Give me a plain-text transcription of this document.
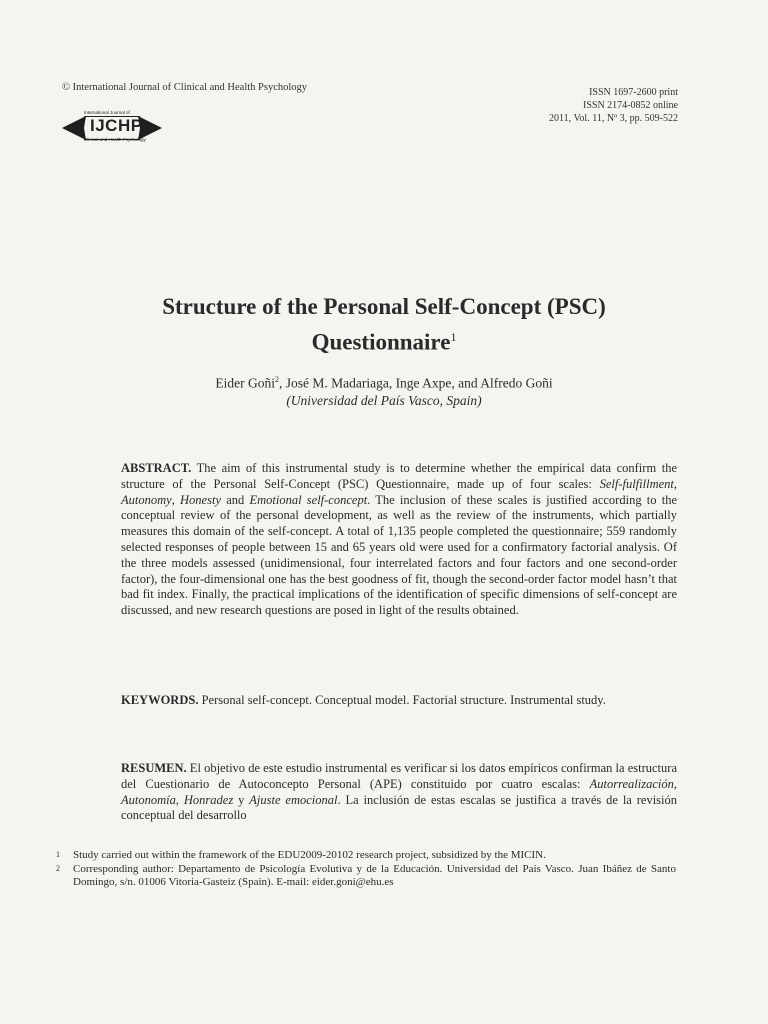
© International Journal of Clinical and Health Psychology	ISSN 1697-2600 print
ISSN 2174-0852 online
2011, Vol. 11, Nº 3, pp. 509-522
International Journal of
IJCHP
Clinical and Health Psychology
Structure of the Personal Self-Concept (PSC)
Questionnaire$^1$
Eider Goñi$^2$, José M. Madariaga, Inge Axpe, and Alfredo Goñi
(Universidad del País Vasco, Spain)
ABSTRACT. The aim of this instrumental study is to determine whether the empirical data confirm the structure of the Personal Self-Concept (PSC) Questionnaire, made up of four scales: Self-fulfillment, Autonomy, Honesty and Emotional self-concept. The inclusion of these scales is justified according to the conceptual review of the personal development, as well as the review of the instruments, which partially measures this domain of the self-concept. A total of 1,135 people completed the questionnaire; 559 randomly selected responses of people between 15 and 65 years old were used for a confirmatory factorial analysis. Of the three models assessed (unidimensional, four interrelated factors and four factors and one second-order factor), the four-dimensional one has the best goodness of fit, though the second-order factor model hasn’t that bad fit index. Finally, the practical implications of the identification of specific dimensions of self-concept are discussed, and new research questions are posed in light of the results obtained.
KEYWORDS. Personal self-concept. Conceptual model. Factorial structure. Instrumental study.
RESUMEN. El objetivo de este estudio instrumental es verificar si los datos empíricos confirman la estructura del Cuestionario de Autoconcepto Personal (APE) constituido por cuatro escalas: Autorrealización, Autonomía, Honradez y Ajuste emocional. La inclusión de estas escalas se justifica a través de la revisión conceptual del desarrollo
1 Study carried out within the framework of the EDU2009-20102 research project, subsidized by the MICIN.
2 Corresponding author: Departamento de Psicología Evolutiva y de la Educación. Universidad del País Vasco. Juan Ibáñez de Santo Domingo, s/n. 01006 Vitoria-Gasteiz (Spain). E-mail: eider.goni@ehu.es
